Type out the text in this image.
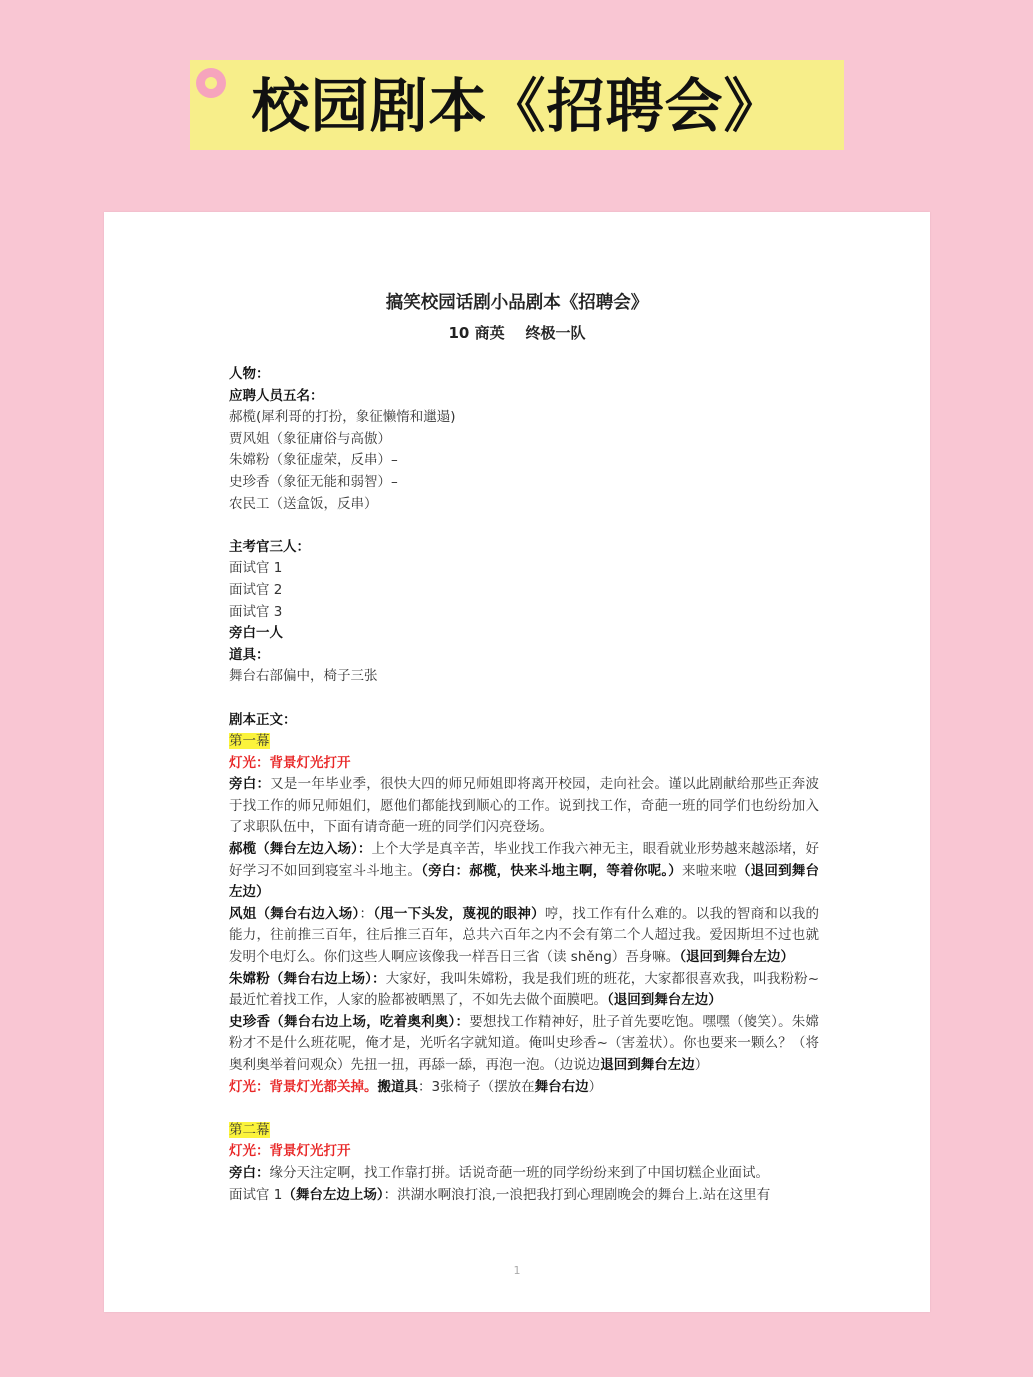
校园剧本《招聘会》
搞笑校园话剧小品剧本《招聘会》
10 商英    终极一队
人物：
应聘人员五名：
郝榄(犀利哥的打扮，象征懒惰和邋遢)
贾风姐（象征庸俗与高傲）
朱嫦粉（象征虚荣，反串）–
史珍香（象征无能和弱智）–
农民工（送盒饭，反串）
主考官三人：
面试官 1
面试官 2
面试官 3
旁白一人
道具：
舞台右部偏中，椅子三张
剧本正文：
第一幕
灯光：背景灯光打开
旁白：又是一年毕业季，很快大四的师兄师姐即将离开校园，走向社会。谨以此剧献给那些正奔波于找工作的师兄师姐们，愿他们都能找到顺心的工作。说到找工作，奇葩一班的同学们也纷纷加入了求职队伍中，下面有请奇葩一班的同学们闪亮登场。
郝榄（舞台左边入场）：上个大学是真辛苦，毕业找工作我六神无主，眼看就业形势越来越添堵，好好学习不如回到寝室斗斗地主。（旁白：郝榄，快来斗地主啊，等着你呢。）来啦来啦（退回到舞台左边）
风姐（舞台右边入场）：（甩一下头发，蔑视的眼神）哼，找工作有什么难的。以我的智商和以我的能力，往前推三百年，往后推三百年，总共六百年之内不会有第二个人超过我。爱因斯坦不过也就发明个电灯么。你们这些人啊应该像我一样吾日三省（读 shěng）吾身嘛。（退回到舞台左边）
朱嫦粉（舞台右边上场）：大家好，我叫朱嫦粉，我是我们班的班花，大家都很喜欢我，叫我粉粉~最近忙着找工作，人家的脸都被晒黑了，不如先去做个面膜吧。（退回到舞台左边）
史珍香（舞台右边上场，吃着奥利奥）：要想找工作精神好，肚子首先要吃饱。嘿嘿（傻笑）。朱嫦粉才不是什么班花呢，俺才是，光听名字就知道。俺叫史珍香~（害羞状）。你也要来一颗么？（将奥利奥举着问观众）先扭一扭，再舔一舔，再泡一泡。（边说边退回到舞台左边）
灯光：背景灯光都关掉。搬道具：3张椅子（摆放在舞台右边）
第二幕
灯光：背景灯光打开
旁白：缘分天注定啊，找工作靠打拼。话说奇葩一班的同学纷纷来到了中国切糕企业面试。
面试官 1（舞台左边上场）：洪湖水啊浪打浪,一浪把我打到心理剧晚会的舞台上.站在这里有
1
